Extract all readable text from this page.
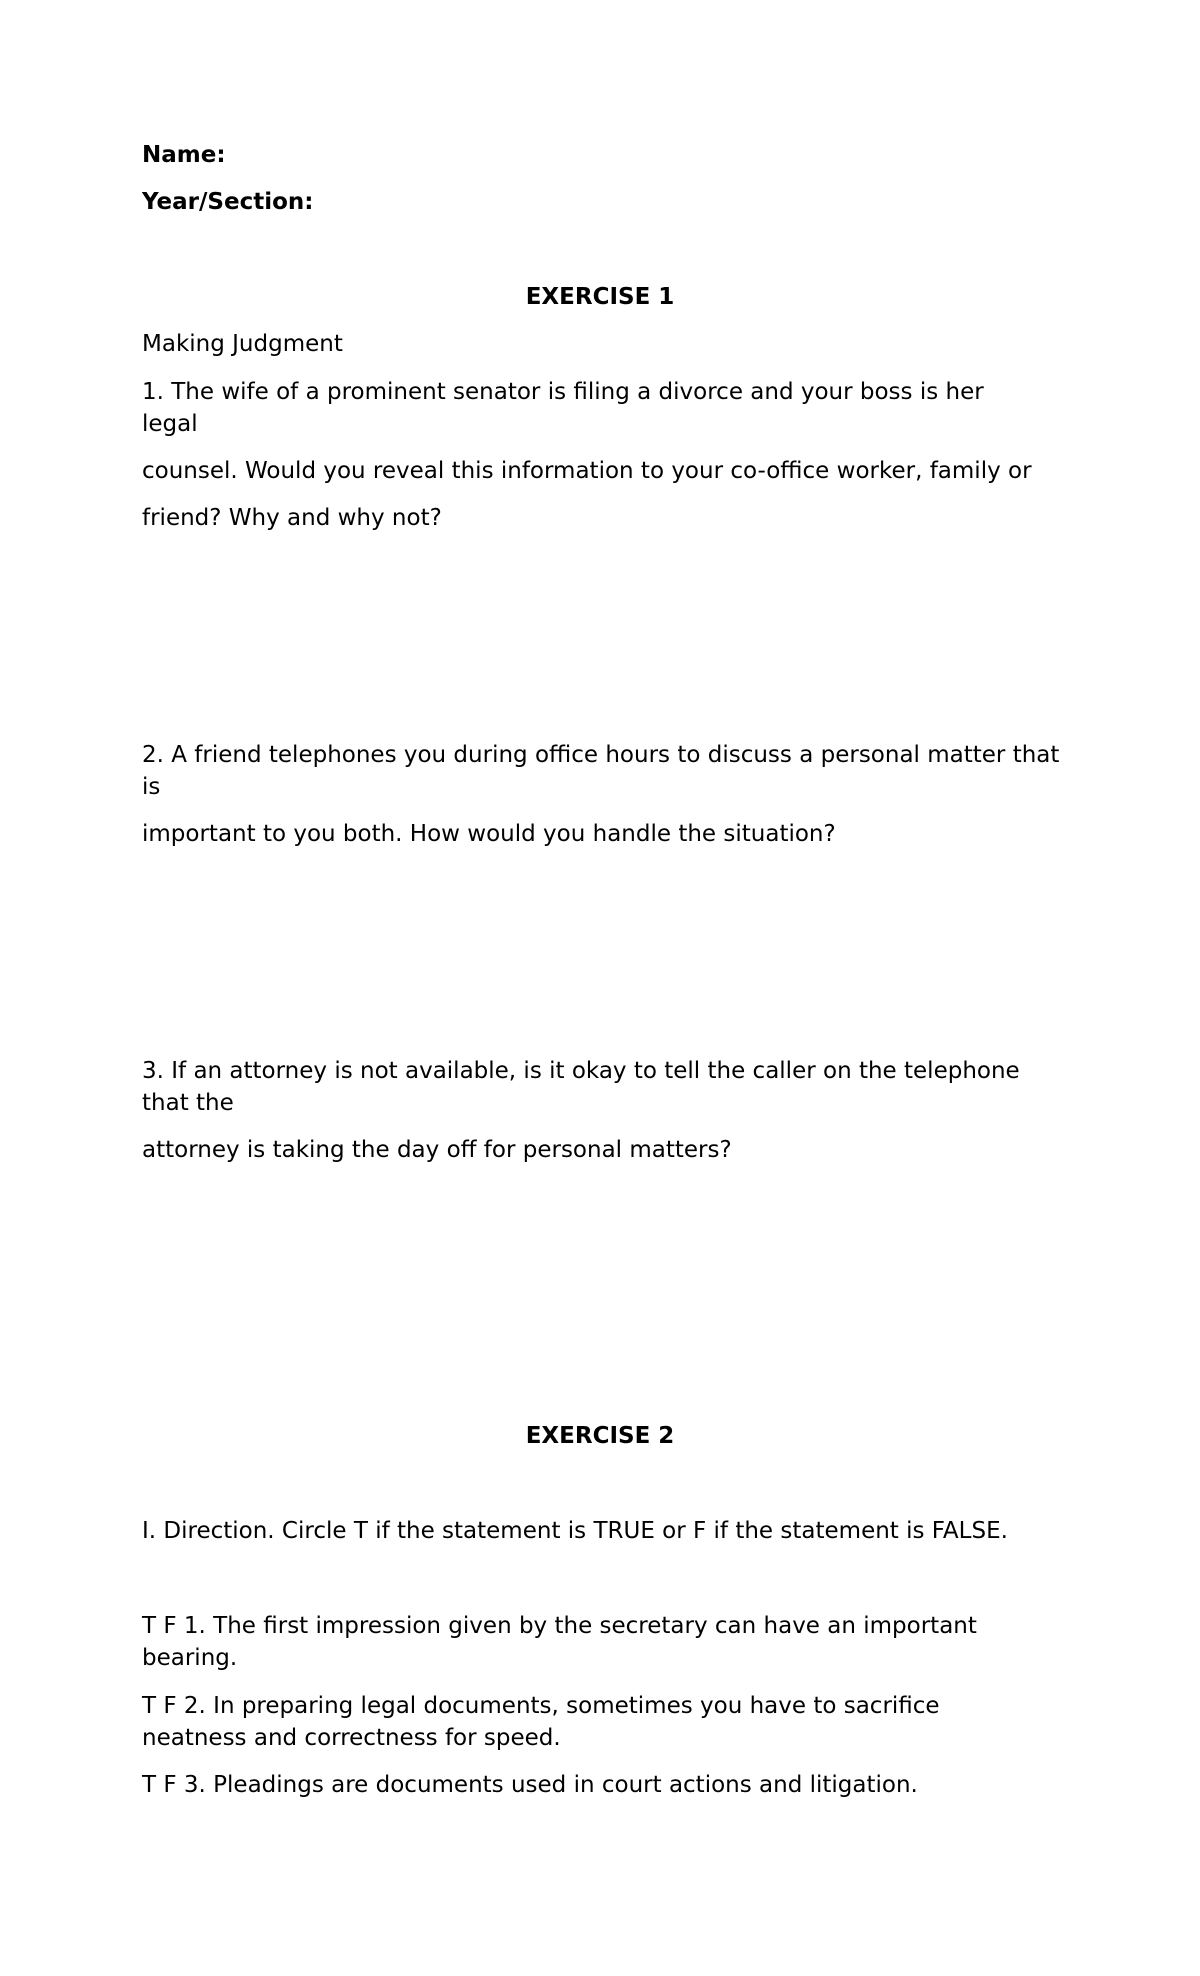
Name:

Year/Section:

EXERCISE 1

Making Judgment

1. The wife of a prominent senator is filing a divorce and your boss is her legal

counsel. Would you reveal this information to your co-office worker, family or

friend? Why and why not?

2. A friend telephones you during office hours to discuss a personal matter that is

important to you both. How would you handle the situation?

3. If an attorney is not available, is it okay to tell the caller on the telephone that the

attorney is taking the day off for personal matters?

EXERCISE 2

I. Direction. Circle T if the statement is TRUE or F if the statement is FALSE.

T F 1. The first impression given by the secretary can have an important bearing.

T F 2. In preparing legal documents, sometimes you have to sacrifice neatness and correctness for speed.

T F 3. Pleadings are documents used in court actions and litigation.
